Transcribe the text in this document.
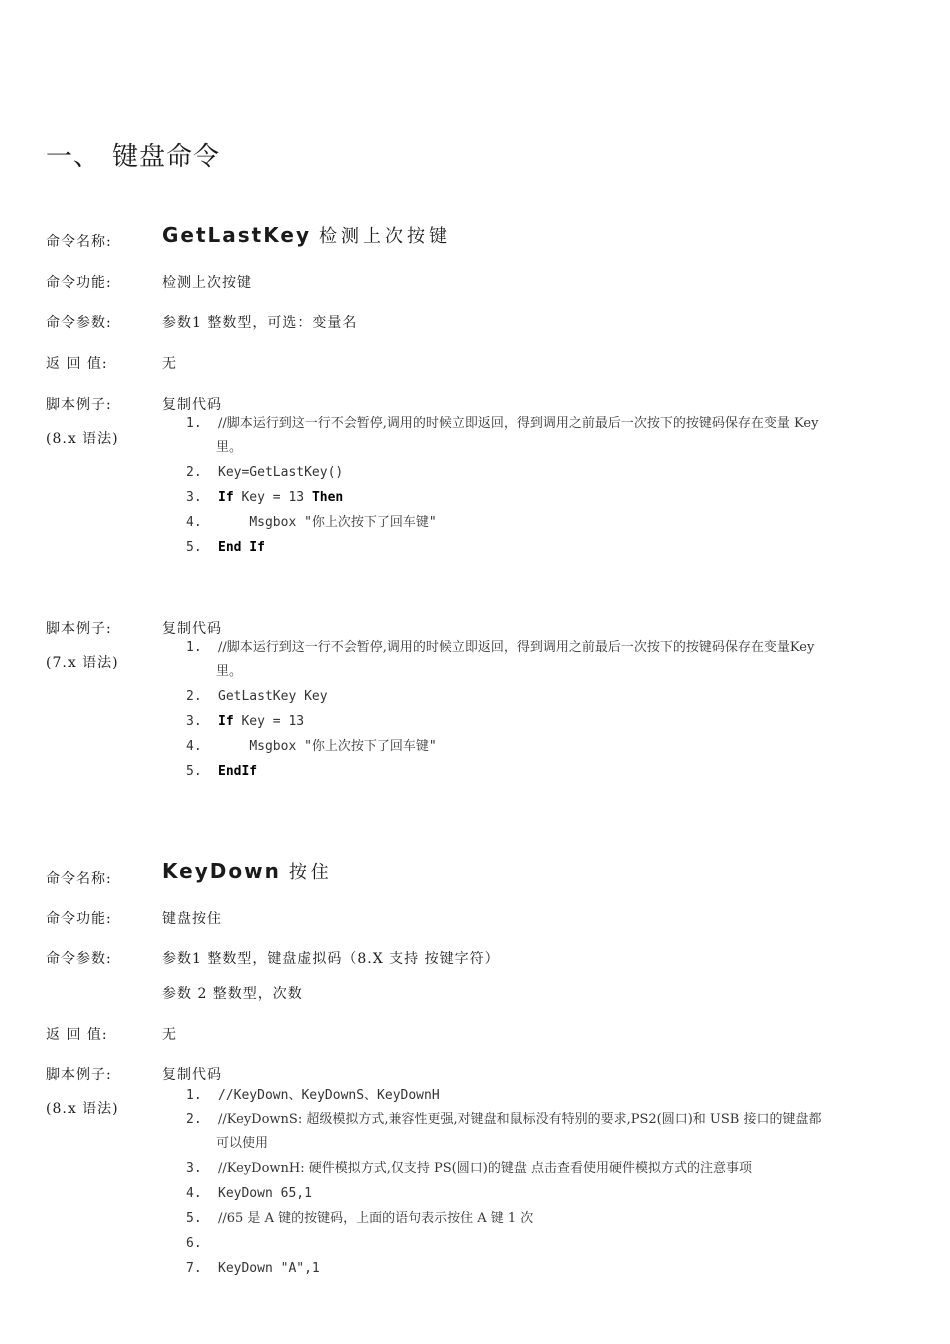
一、 键盘命令
命令名称:	GetLastKey 检测上次按键
命令功能:	检测上次按键
命令参数:	参数1 整数型，可选：变量名
返 回 值:	无
脚本例子:
(8.x 语法)
复制代码
1.	//脚本运行到这一行不会暂停,调用的时候立即返回，得到调用之前最后一次按下的按键码保存在变量 Key
里。
2.	Key=GetLastKey()
3.	If Key = 13 Then
4.	Msgbox "你上次按下了回车键"
5.	End If
脚本例子:
(7.x 语法)
复制代码
1.	//脚本运行到这一行不会暂停,调用的时候立即返回，得到调用之前最后一次按下的按键码保存在变量Key
里。
2.	GetLastKey Key
3.	If Key = 13
4.	Msgbox "你上次按下了回车键"
5.	EndIf
命令名称:	KeyDown 按住
命令功能:	键盘按住
命令参数:	参数1 整数型，键盘虚拟码（8.X 支持 按键字符）
参数 2 整数型，次数
返 回 值:	无
脚本例子:
(8.x 语法)
复制代码
1.	//KeyDown、KeyDownS、KeyDownH
2.	//KeyDownS: 超级模拟方式,兼容性更强,对键盘和鼠标没有特别的要求,PS2(圆口)和 USB 接口的键盘都
可以使用
3.	//KeyDownH: 硬件模拟方式,仅支持 PS(圆口)的键盘 点击查看使用硬件模拟方式的注意事项
4.	KeyDown 65,1
5.	//65 是 A 键的按键码，上面的语句表示按住 A 键 1 次
6.
7.	KeyDown "A",1
